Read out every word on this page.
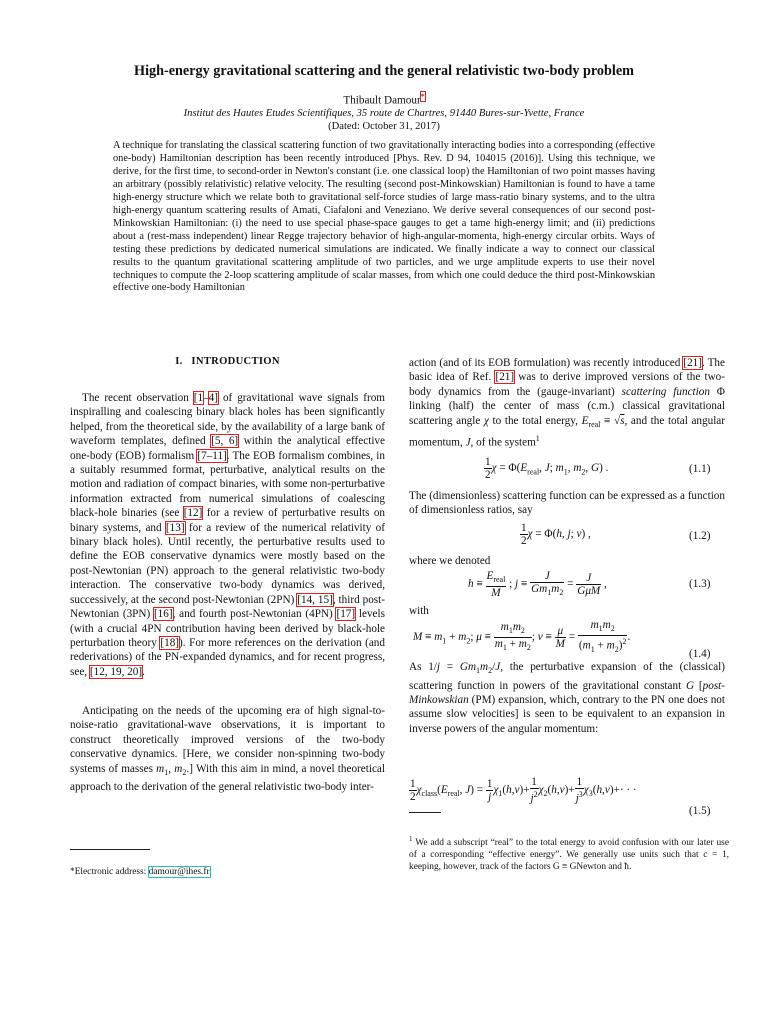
High-energy gravitational scattering and the general relativistic two-body problem
Thibault Damour*
Institut des Hautes Etudes Scientifiques, 35 route de Chartres, 91440 Bures-sur-Yvette, France
(Dated: October 31, 2017)
A technique for translating the classical scattering function of two gravitationally interacting bodies into a corresponding (effective one-body) Hamiltonian description has been recently introduced [Phys. Rev. D 94, 104015 (2016)]. Using this technique, we derive, for the first time, to second-order in Newton's constant (i.e. one classical loop) the Hamiltonian of two point masses having an arbitrary (possibly relativistic) relative velocity. The resulting (second post-Minkowskian) Hamiltonian is found to have a tame high-energy structure which we relate both to gravitational self-force studies of large mass-ratio binary systems, and to the ultra high-energy quantum scattering results of Amati, Ciafaloni and Veneziano. We derive several consequences of our second post-Minkowskian Hamiltonian: (i) the need to use special phase-space gauges to get a tame high-energy limit; and (ii) predictions about a (rest-mass independent) linear Regge trajectory behavior of high-angular-momenta, high-energy circular orbits. Ways of testing these predictions by dedicated numerical simulations are indicated. We finally indicate a way to connect our classical results to the quantum gravitational scattering amplitude of two particles, and we urge amplitude experts to use their novel techniques to compute the 2-loop scattering amplitude of scalar masses, from which one could deduce the third post-Minkowskian effective one-body Hamiltonian
I. INTRODUCTION
The recent observation [1–4] of gravitational wave signals from inspiralling and coalescing binary black holes has been significantly helped, from the theoretical side, by the availability of a large bank of waveform templates, defined [5, 6] within the analytical effective one-body (EOB) formalism [7–11]. The EOB formalism combines, in a suitably resummed format, perturbative, analytical results on the motion and radiation of compact binaries, with some non-perturbative information extracted from numerical simulations of coalescing black-hole binaries (see [12] for a review of perturbative results on binary systems, and [13] for a review of the numerical relativity of binary black holes). Until recently, the perturbative results used to define the EOB conservative dynamics were mostly based on the post-Newtonian (PN) approach to the general relativistic two-body interaction. The conservative two-body dynamics was derived, successively, at the second post-Newtonian (2PN) [14, 15], third post-Newtonian (3PN) [16], and fourth post-Newtonian (4PN) [17] levels (with a crucial 4PN contribution having been derived by black-hole perturbation theory [18]). For more references on the derivation (and rederivations) of the PN-expanded dynamics, and for recent progress, see, [12, 19, 20].
Anticipating on the needs of the upcoming era of high signal-to-noise-ratio gravitational-wave observations, it is important to construct theoretically improved versions of the two-body conservative dynamics. [Here, we consider non-spinning two-body systems of masses $m_1$, $m_2$.] With this aim in mind, a novel theoretical approach to the derivation of the general relativistic two-body inter-
*Electronic address: damour@ihes.fr
action (and of its EOB formulation) was recently introduced [21]. The basic idea of Ref. [21] was to derive improved versions of the two-body dynamics from the (gauge-invariant) scattering function Φ linking (half) the center of mass (c.m.) classical gravitational scattering angle χ to the total energy, $E_{real} \equiv √s$, and the total angular momentum, J, of the system$^1$
$\frac{1}{2}$ $\chi = \Phi(E_{real}$, J; $m_1$, $m_2$, G) .	(1.1)
The (dimensionless) scattering function can be expressed as a function of dimensionless ratios, say
$\frac{1}{2}$ χ = Φ(h, j; ν) ,	(1.2)
where we denoted
$h \equiv \frac{E_{real}}{M}$ ; $j \equiv \frac{J}{Gm_1m_2} = \frac{J}{\text{GμM}}$ ,	(1.3)
with
$M \equiv m_1 + m_2$; $\mu \equiv \frac{m_1m_2}{m_1 + m_2}$ ; $\nu \equiv \frac{\mu}{M} = \frac{m_1m_2}{(m_1 + m_2)^2}$ .
(1.4)
As $1/j = Gm_1m_2/J$, the perturbative expansion of the (classical) scattering function in powers of the gravitational constant G [post-Minkowskian (PM) expansion, which, contrary to the PN one does not assume slow velocities] is seen to be equivalent to an expansion in inverse powers of the angular momentum:
$\frac{1}{2} \chi_{class}(E_{real}$, $J) = \frac{1}{j} \chi_1(h,\nu)+ \frac{1}{j^2} \chi_2(h,\nu)+ \frac{1}{j^3} \chi_3(h,\nu)+\cdot$ · ·
(1.5)
$^1$ We add a subscript “real” to the total energy to avoid confusion with our later use of a corresponding “effective energy”. We generally use units such that c = 1, keeping, however, track of the factors G ≡ GNewton and ħ.
